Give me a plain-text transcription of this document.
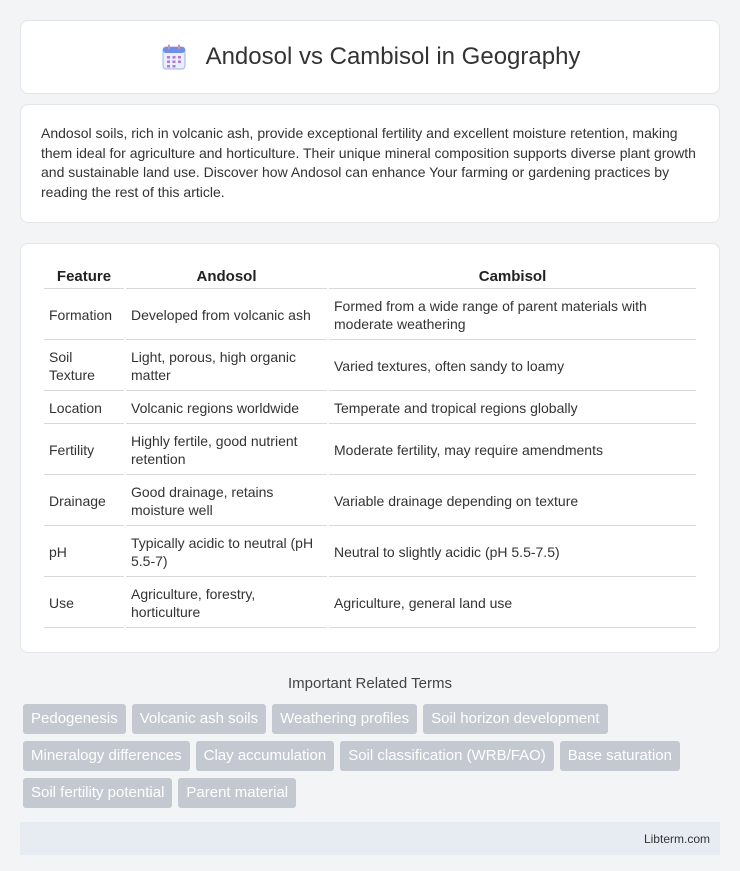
Andosol vs Cambisol in Geography

Andosol soils, rich in volcanic ash, provide exceptional fertility and excellent moisture retention, making them ideal for agriculture and horticulture. Their unique mineral composition supports diverse plant growth and sustainable land use. Discover how Andosol can enhance Your farming or gardening practices by reading the rest of this article.

Feature	Andosol	Cambisol
Formation	Developed from volcanic ash	Formed from a wide range of parent materials with moderate weathering
Soil Texture	Light, porous, high organic matter	Varied textures, often sandy to loamy
Location	Volcanic regions worldwide	Temperate and tropical regions globally
Fertility	Highly fertile, good nutrient retention	Moderate fertility, may require amendments
Drainage	Good drainage, retains moisture well	Variable drainage depending on texture
pH	Typically acidic to neutral (pH 5.5-7)	Neutral to slightly acidic (pH 5.5-7.5)
Use	Agriculture, forestry, horticulture	Agriculture, general land use
Important Related Terms
Pedogenesis	Volcanic ash soils	Weathering profiles	Soil horizon development
Mineralogy differences	Clay accumulation	Soil classification (WRB/FAO)	Base saturation
Soil fertility potential	Parent material
Libterm.com
